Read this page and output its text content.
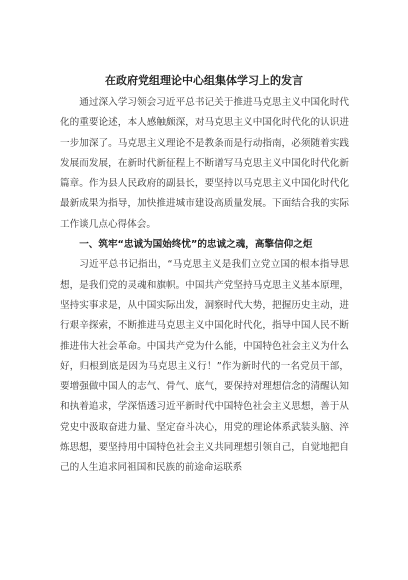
在政府党组理论中心组集体学习上的发言

通过深入学习领会习近平总书记关于推进马克思主义中国化时代化的重要论述，本人感触颇深，对马克思主义中国化时代化的认识进一步加深了。马克思主义理论不是教条而是行动指南，必须随着实践发展而发展，在新时代新征程上不断谱写马克思主义中国化时代化新篇章。作为县人民政府的副县长，要坚持以马克思主义中国化时代化最新成果为指导，加快推进城市建设高质量发展。下面结合我的实际工作谈几点心得体会。

一、筑牢“忠诚为国始终忧”的忠诚之魂，高擎信仰之炬

习近平总书记指出，“马克思主义是我们立党立国的根本指导思想，是我们党的灵魂和旗帜。中国共产党坚持马克思主义基本原理，坚持实事求是，从中国实际出发，洞察时代大势，把握历史主动，进行艰辛探索，不断推进马克思主义中国化时代化，指导中国人民不断推进伟大社会革命。中国共产党为什么能，中国特色社会主义为什么好，归根到底是因为马克思主义行！”作为新时代的一名党员干部，要增强做中国人的志气、骨气、底气，要保持对理想信念的清醒认知和执着追求，学深悟透习近平新时代中国特色社会主义思想，善于从党史中汲取奋进力量、坚定奋斗决心，用党的理论体系武装头脑、淬炼思想，要坚持用中国特色社会主义共同理想引领自己，自觉地把自己的人生追求同祖国和民族的前途命运联系
